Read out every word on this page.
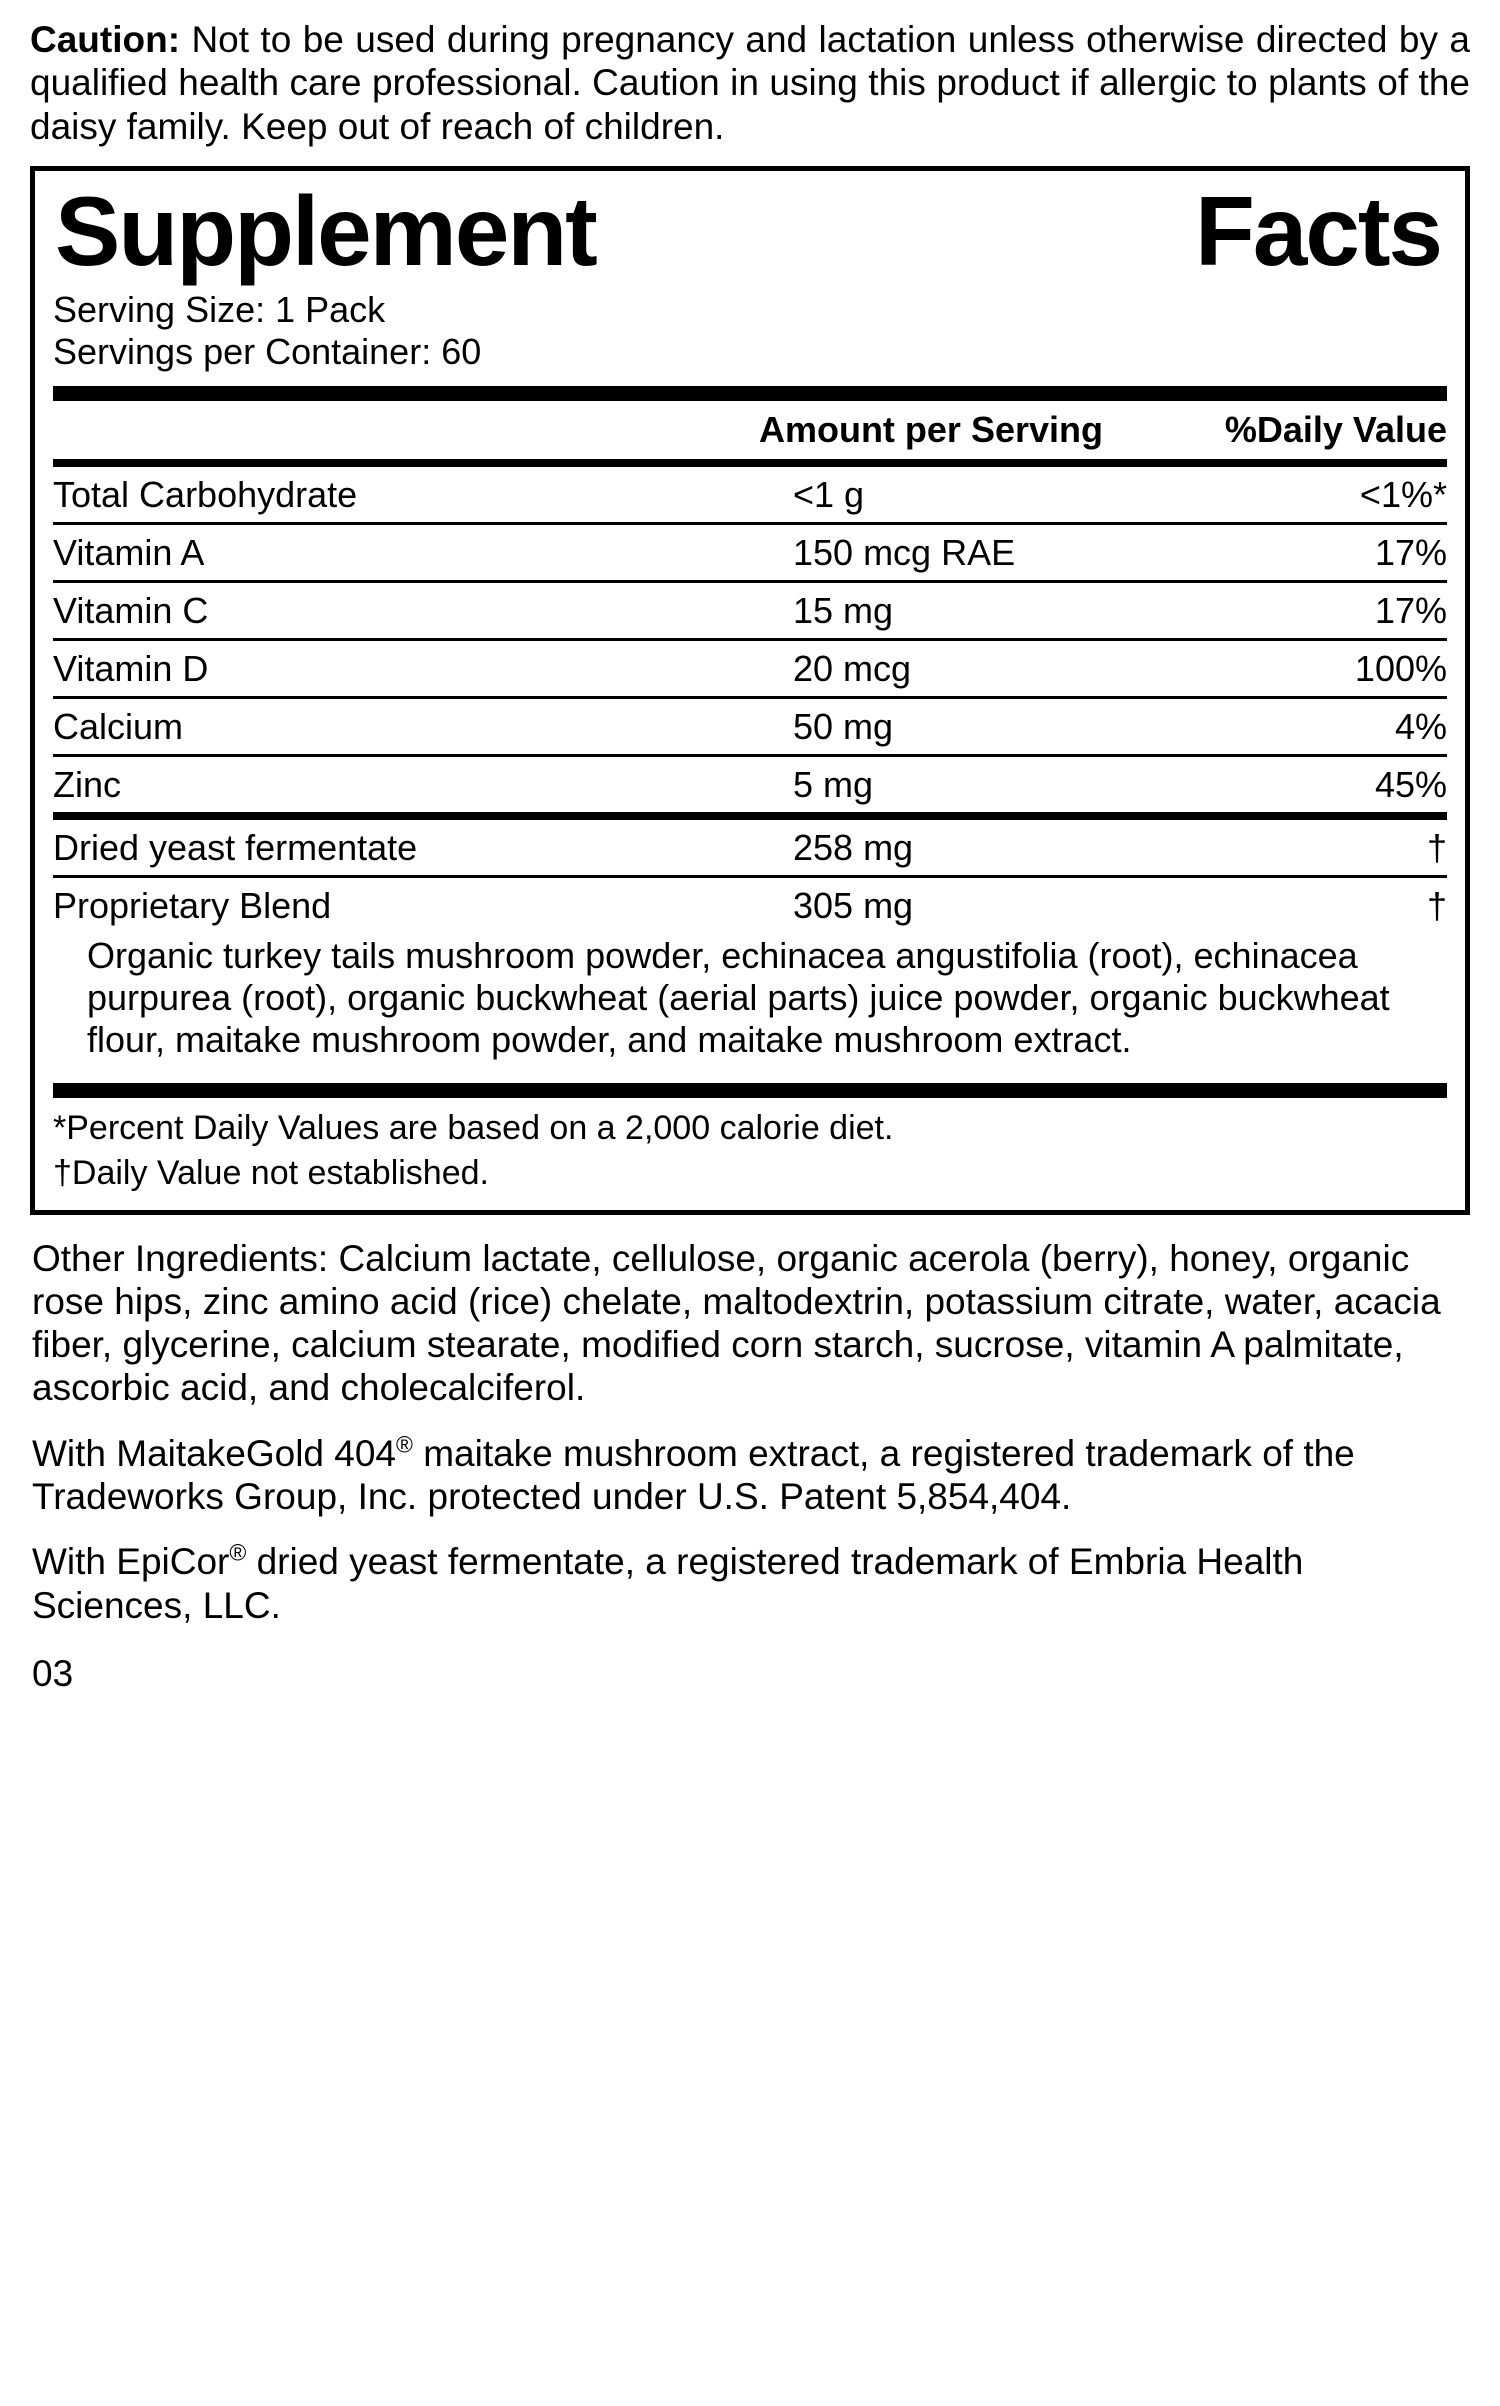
Caution: Not to be used during pregnancy and lactation unless otherwise directed by a qualified health care professional. Caution in using this product if allergic to plants of the daisy family. Keep out of reach of children.

Supplement	Facts
Serving Size: 1 Pack
Servings per Container: 60
Amount per Serving	%Daily Value
Total Carbohydrate	<1 g	<1%*
Vitamin A	150 mcg RAE	17%
Vitamin C	15 mg	17%
Vitamin D	20 mcg	100%
Calcium	50 mg	4%
Zinc	5 mg	45%
Dried yeast fermentate	258 mg	†
Proprietary Blend	305 mg	†
Organic turkey tails mushroom powder, echinacea angustifolia (root), echinacea purpurea (root), organic buckwheat (aerial parts) juice powder, organic buckwheat flour, maitake mushroom powder, and maitake mushroom extract.
*Percent Daily Values are based on a 2,000 calorie diet.
†Daily Value not established.

Other Ingredients: Calcium lactate, cellulose, organic acerola (berry), honey, organic rose hips, zinc amino acid (rice) chelate, maltodextrin, potassium citrate, water, acacia fiber, glycerine, calcium stearate, modified corn starch, sucrose, vitamin A palmitate, ascorbic acid, and cholecalciferol.

With MaitakeGold 404® maitake mushroom extract, a registered trademark of the Tradeworks Group, Inc. protected under U.S. Patent 5,854,404.

With EpiCor® dried yeast fermentate, a registered trademark of Embria Health Sciences, LLC.

03
